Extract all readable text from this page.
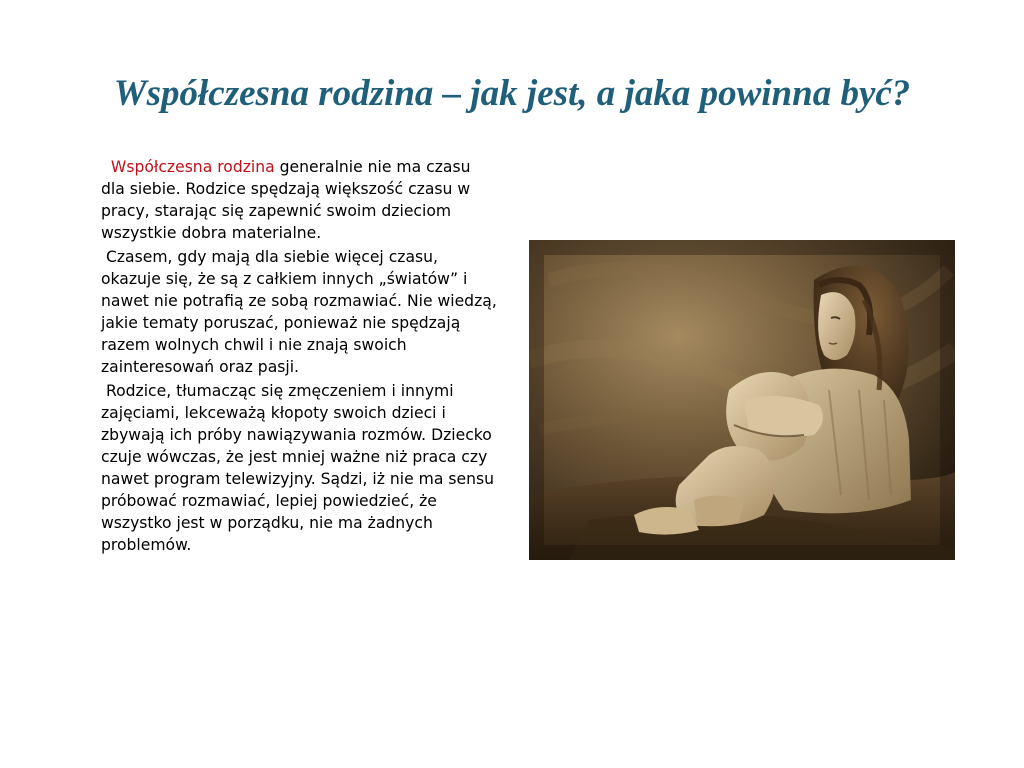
Współczesna rodzina – jak jest, a jaka powinna być?

Współczesna rodzina generalnie nie ma czasu dla siebie. Rodzice spędzają większość czasu w pracy, starając się zapewnić swoim dzieciom wszystkie dobra materialne.

Czasem, gdy mają dla siebie więcej czasu, okazuje się, że są z całkiem innych „światów” i nawet nie potrafią ze sobą rozmawiać. Nie wiedzą, jakie tematy poruszać, ponieważ nie spędzają razem wolnych chwil i nie znają swoich zainteresowań oraz pasji.

Rodzice, tłumacząc się zmęczeniem i innymi zajęciami, lekceważą kłopoty swoich dzieci i zbywają ich próby nawiązywania rozmów. Dziecko czuje wówczas, że jest mniej ważne niż praca czy nawet program telewizyjny. Sądzi, iż nie ma sensu próbować rozmawiać, lepiej powiedzieć, że wszystko jest w porządku, nie ma żadnych problemów.
